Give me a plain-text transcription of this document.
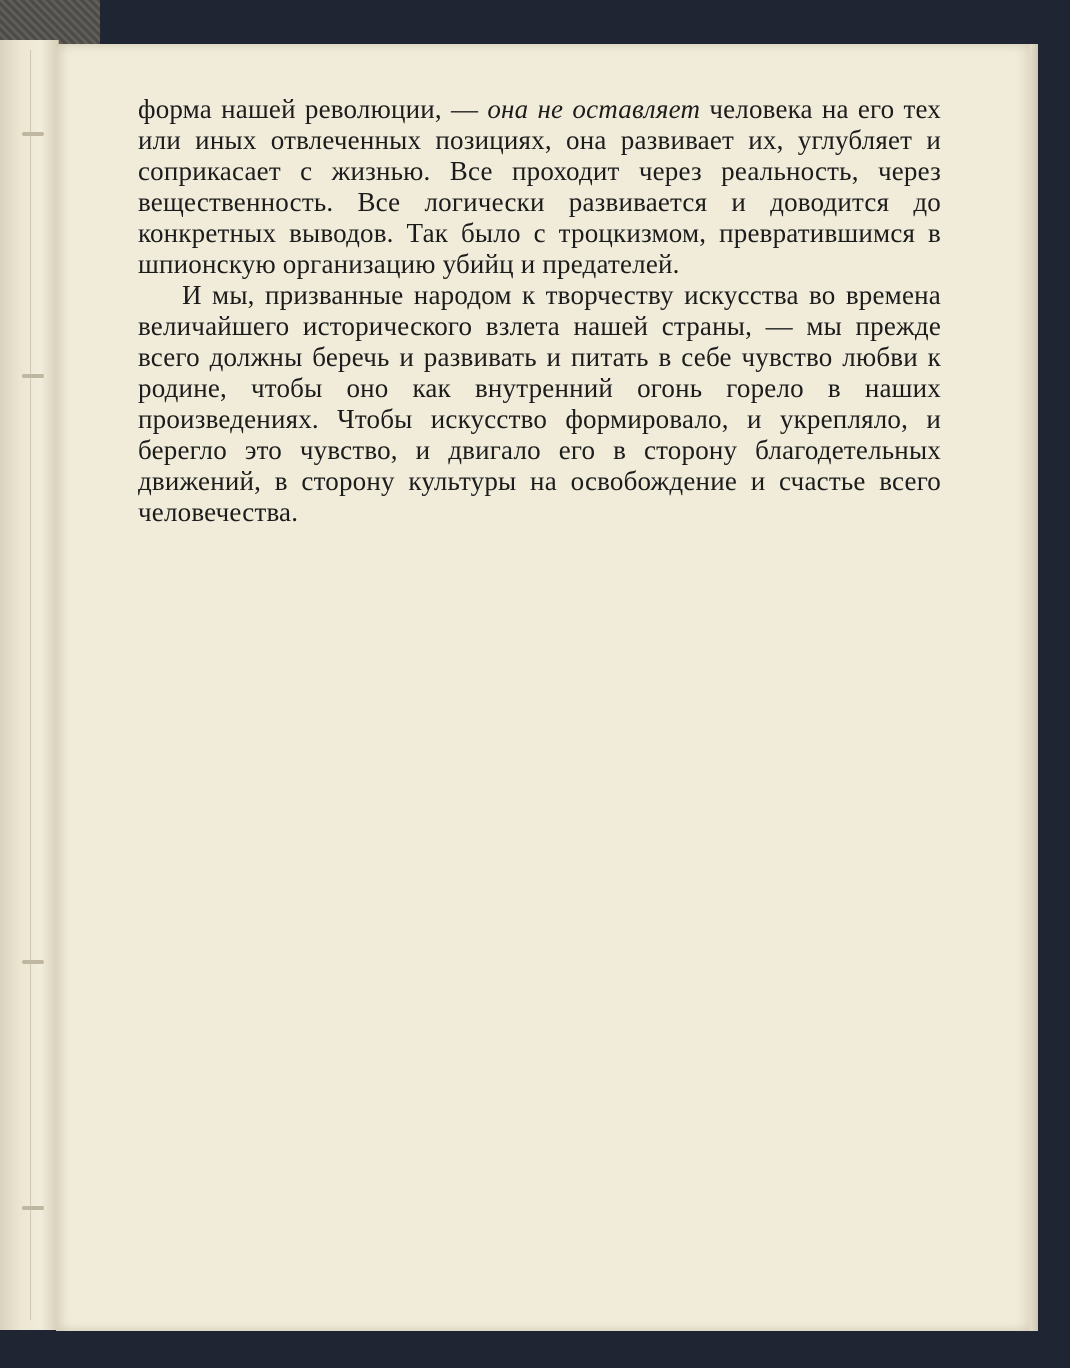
форма нашей революции, — она не оставляет человека на его тех или иных отвлеченных позициях, она развивает их, углубляет и соприкасает с жизнью. Все проходит через реальность, через вещественность. Все логически развивается и доводится до конкретных выводов. Так было с троцкизмом, превратившимся в шпионскую организацию убийц и предателей.

И мы, призванные народом к творчеству искусства во времена величайшего исторического взлета нашей страны, — мы прежде всего должны беречь и развивать и питать в себе чувство любви к родине, чтобы оно как внутренний огонь горело в наших произведениях. Чтобы искусство формировало, и укрепляло, и берегло это чувство, и двигало его в сторону благодетельных движений, в сторону культуры на освобождение и счастье всего человечества.
